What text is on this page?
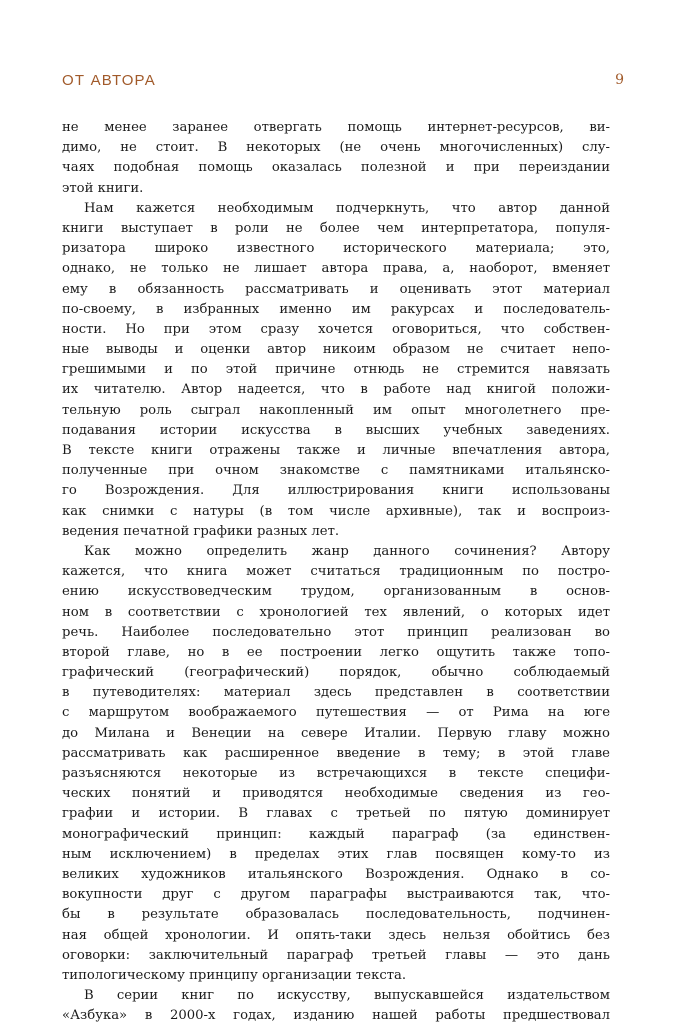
ОТ АВТОРА	9
не менее заранее отвергать помощь интернет-ресурсов, ви-
димо, не стоит. В некоторых (не очень многочисленных) слу-
чаях подобная помощь оказалась полезной и при переиздании
этой книги.
Нам кажется необходимым подчеркнуть, что автор данной
книги выступает в роли не более чем интерпретатора, популя-
ризатора широко известного исторического материала; это,
однако, не только не лишает автора права, а, наоборот, вменяет
ему в обязанность рассматривать и оценивать этот материал
по-своему, в избранных именно им ракурсах и последователь-
ности. Но при этом сразу хочется оговориться, что собствен-
ные выводы и оценки автор никоим образом не считает непо-
грешимыми и по этой причине отнюдь не стремится навязать
их читателю. Автор надеется, что в работе над книгой положи-
тельную роль сыграл накопленный им опыт многолетнего пре-
подавания истории искусства в высших учебных заведениях.
В тексте книги отражены также и личные впечатления автора,
полученные при очном знакомстве с памятниками итальянско-
го Возрождения. Для иллюстрирования книги использованы
как снимки с натуры (в том числе архивные), так и воспроиз-
ведения печатной графики разных лет.
Как можно определить жанр данного сочинения? Автору
кажется, что книга может считаться традиционным по постро-
ению искусствоведческим трудом, организованным в основ-
ном в соответствии с хронологией тех явлений, о которых идет
речь. Наиболее последовательно этот принцип реализован во
второй главе, но в ее построении легко ощутить также топо-
графический (географический) порядок, обычно соблюдаемый
в путеводителях: материал здесь представлен в соответствии
с маршрутом воображаемого путешествия — от Рима на юге
до Милана и Венеции на севере Италии. Первую главу можно
рассматривать как расширенное введение в тему; в этой главе
разъясняются некоторые из встречающихся в тексте специфи-
ческих понятий и приводятся необходимые сведения из гео-
графии и истории. В главах с третьей по пятую доминирует
монографический принцип: каждый параграф (за единствен-
ным исключением) в пределах этих глав посвящен кому-то из
великих художников итальянского Возрождения. Однако в со-
вокупности друг с другом параграфы выстраиваются так, что-
бы в результате образовалась последовательность, подчинен-
ная общей хронологии. И опять-таки здесь нельзя обойтись без
оговорки: заключительный параграф третьей главы — это дань
типологическому принципу организации текста.
В серии книг по искусству, выпускавшейся издательством
«Азбука» в 2000-х годах, изданию нашей работы предшествовал
